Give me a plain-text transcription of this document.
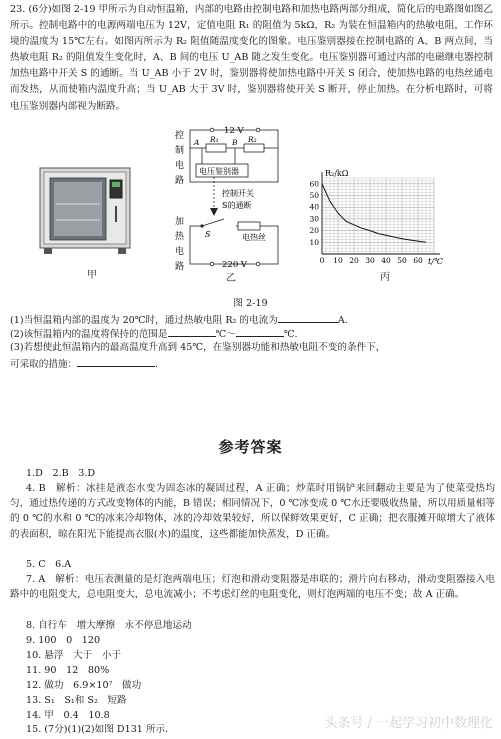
23. (6分)如图 2-19 甲所示为自动恒温箱，内部的电路由控制电路和加热电路两部分组成，简化后的电路图如图乙所示。控制电路中的电源两端电压为 12V，定值电阻 R₁ 的阻值为 5kΩ，R₂ 为装在恒温箱内的热敏电阻，工作环境的温度为 15℃左右。如图丙所示为 R₂ 阻值随温度变化的图象。电压鉴别器接在控制电路的 A、B 两点间，当热敏电阻 R₂ 的阻值发生变化时，A、B 间的电压 U_AB 随之发生变化。电压鉴别器可通过内部的电磁继电器控制加热电路中开关 S 的通断。当 U_AB 小于 2V 时，鉴别器将使加热电路中开关 S 闭合，使加热电路的电热丝通电而发热，从而使箱内温度升高；当 U_AB 大于 3V 时，鉴别器将使开关 S 断开，停止加热。在分析电路时，可将电压鉴别器内部视为断路。
甲
控
制
电
路
12 V
R₁	R₂
A	B
电压鉴别器
控制开关
S的通断
加
热
电
路
S	电热丝
220 V
乙
0 10 20 30 40 50 60
10
20
30
40
50
60
R₂/kΩ
t/℃
丙
图 2-19
(1)当恒温箱内部的温度为 20℃时，通过热敏电阻 R₂ 的电流为	A.
(2)该恒温箱内的温度将保持的范围是	℃～	℃.
(3)若想使此恒温箱内的最高温度升高到 45℃，在鉴别器功能和热敏电阻不变的条件下，
可采取的措施：	.
参考答案
1.D　2.B　3.D
4. B　解析：冰挂是液态水变为固态冰的凝固过程，A 正确；炒菜时用锅铲来回翻动主要是为了使菜受热均匀，通过热传递的方式改变物体的内能，B 错误；相同情况下，0 ℃冰变成 0 ℃水还要吸收热量，所以用质量相等的 0 ℃的水和 0 ℃的冰来冷却物体，冰的冷却效果较好，所以保鲜效果更好，C 正确；把衣服摊开晾增大了液体的表面积，晾在阳光下能提高衣服(水)的温度，这些都能加快蒸发，D 正确。
5. C　6.A
7. A　解析：电压表测量的是灯泡两端电压；灯泡和滑动变阻器是串联的；滑片向右移动，滑动变阻器接入电路中的电阻变大，总电阻变大，总电流减小；不考虑灯丝的电阻变化，则灯泡两端的电压不变；故 A 正确。
8. 自行车　增大摩擦　永不停息地运动
9. 100　0　120
10. 悬浮　大于　小于
11. 90　12　80%
12. 做功　6.9×10⁷　做功
13. S₁　S₁和 S₂　短路
14. 甲　0.4　10.8
15. (7分)(1)(2)如图 D131 所示.	头条号 / 一起学习初中数理化
